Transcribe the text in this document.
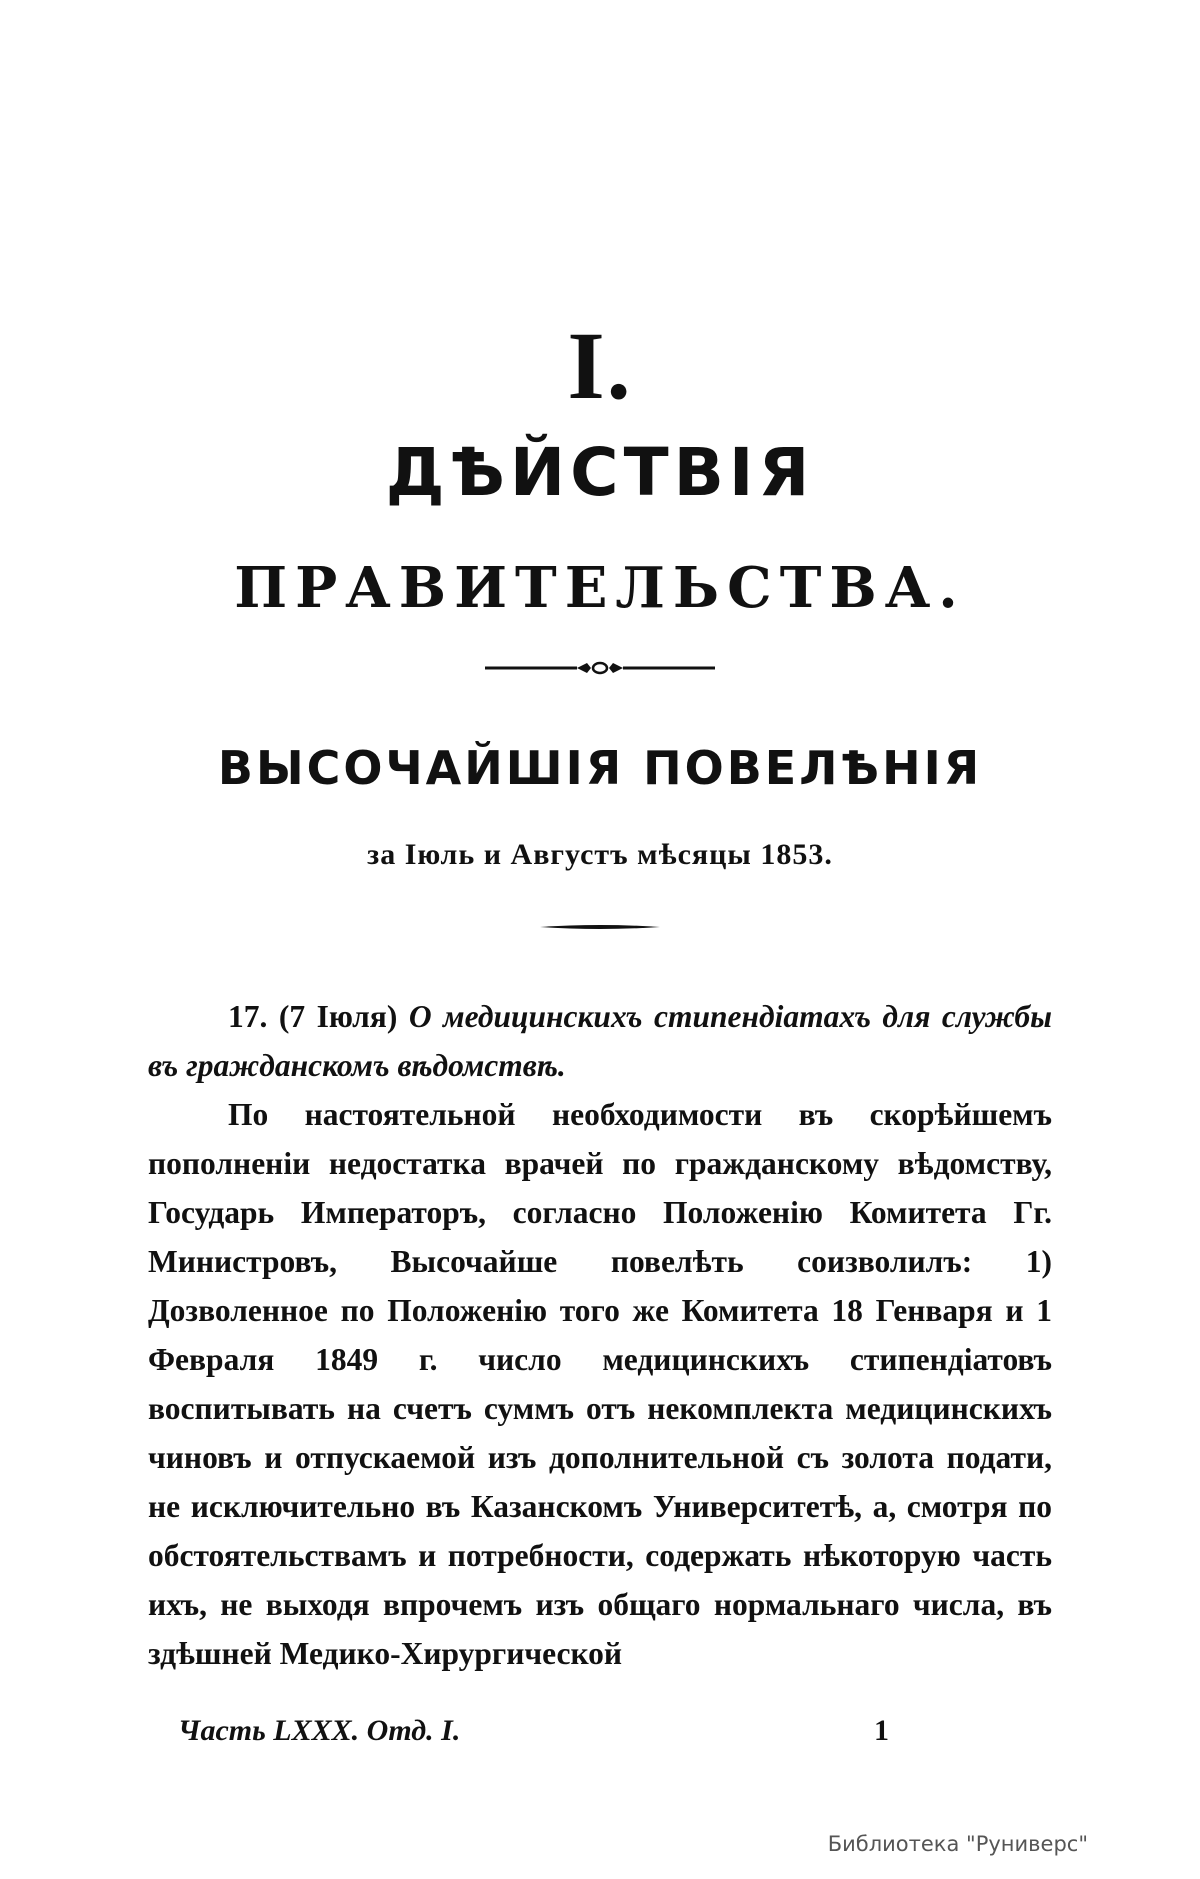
I.
ДѢЙСТВІЯ
ПРАВИТЕЛЬСТВА.
ВЫСОЧАЙШІЯ ПОВЕЛѢНІЯ
за Іюль и Августъ мѣсяцы 1853.

17. (7 Іюля) О медицинскихъ стипендіатахъ для службы въ гражданскомъ вѣдомствѣ.

По настоятельной необходимости въ скорѣйшемъ пополненіи недостатка врачей по гражданскому вѣдомству, Государь Императоръ, согласно Положенію Комитета Гг. Министровъ, Высочайше повелѣть соизволилъ: 1) Дозволенное по Положенію того же Комитета 18 Генваря и 1 Февраля 1849 г. число медицинскихъ стипендіатовъ воспитывать на счетъ суммъ отъ некомплекта медицинскихъ чиновъ и отпускаемой изъ дополнительной съ золота подати, не исключительно въ Казанскомъ Университетѣ, а, смотря по обстоятельствамъ и потребности, содержать нѣкоторую часть ихъ, не выходя впрочемъ изъ общаго нормальнаго числа, въ здѣшней Медико-Хирургической

Часть LXXX. Отд. I.	1
Библиотека "Руниверс"
